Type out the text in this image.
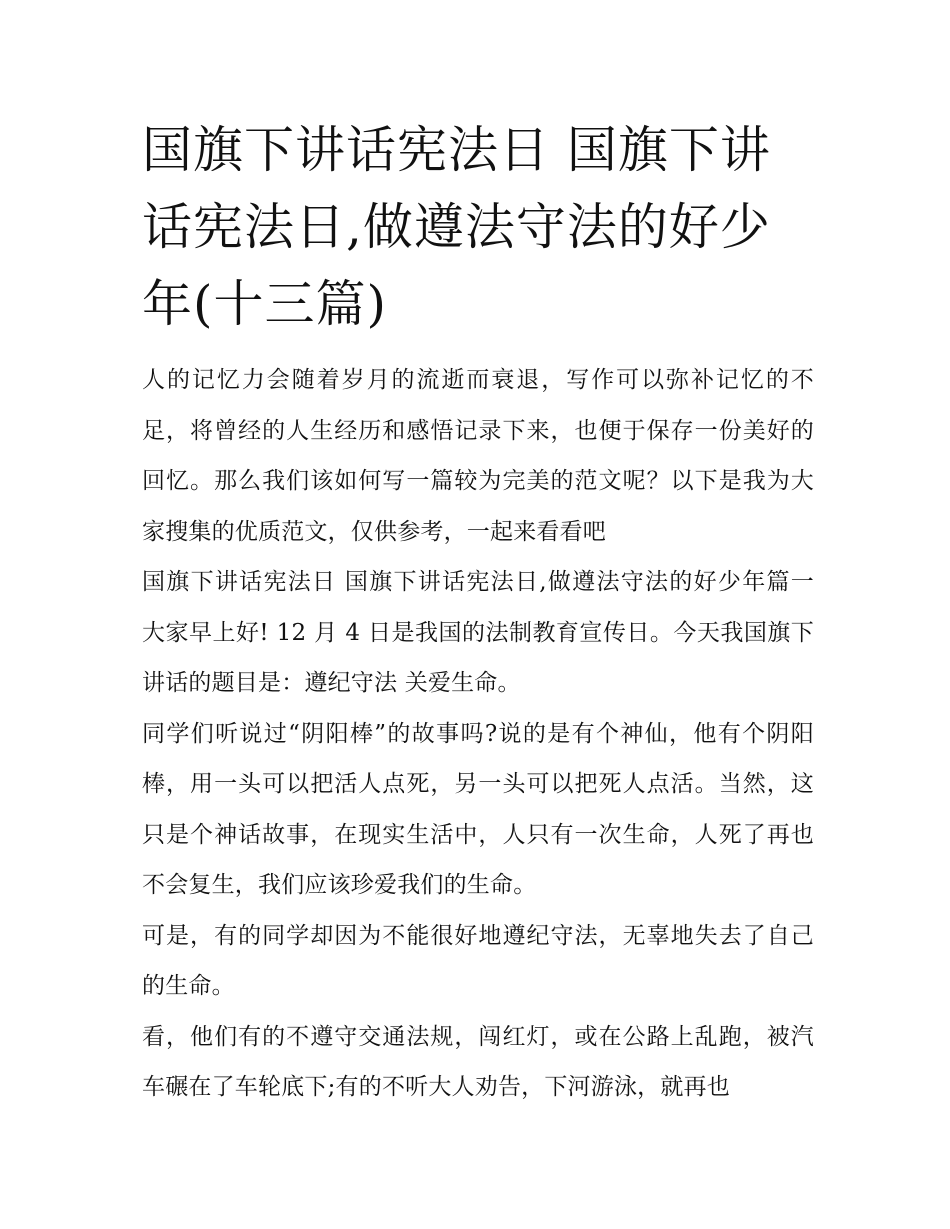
国旗下讲话宪法日 国旗下讲话宪法日,做遵法守法的好少年(十三篇)

人的记忆力会随着岁月的流逝而衰退，写作可以弥补记忆的不足，将曾经的人生经历和感悟记录下来，也便于保存一份美好的回忆。那么我们该如何写一篇较为完美的范文呢？以下是我为大家搜集的优质范文，仅供参考，一起来看看吧

国旗下讲话宪法日 国旗下讲话宪法日,做遵法守法的好少年篇一 大家早上好! 12 月 4 日是我国的法制教育宣传日。今天我国旗下讲话的题目是：遵纪守法 关爱生命。

同学们听说过“阴阳棒”的故事吗?说的是有个神仙，他有个阴阳棒，用一头可以把活人点死，另一头可以把死人点活。当然，这只是个神话故事，在现实生活中，人只有一次生命，人死了再也不会复生，我们应该珍爱我们的生命。

可是，有的同学却因为不能很好地遵纪守法，无辜地失去了自己的生命。

看，他们有的不遵守交通法规，闯红灯，或在公路上乱跑，被汽车碾在了车轮底下;有的不听大人劝告，下河游泳，就再也
